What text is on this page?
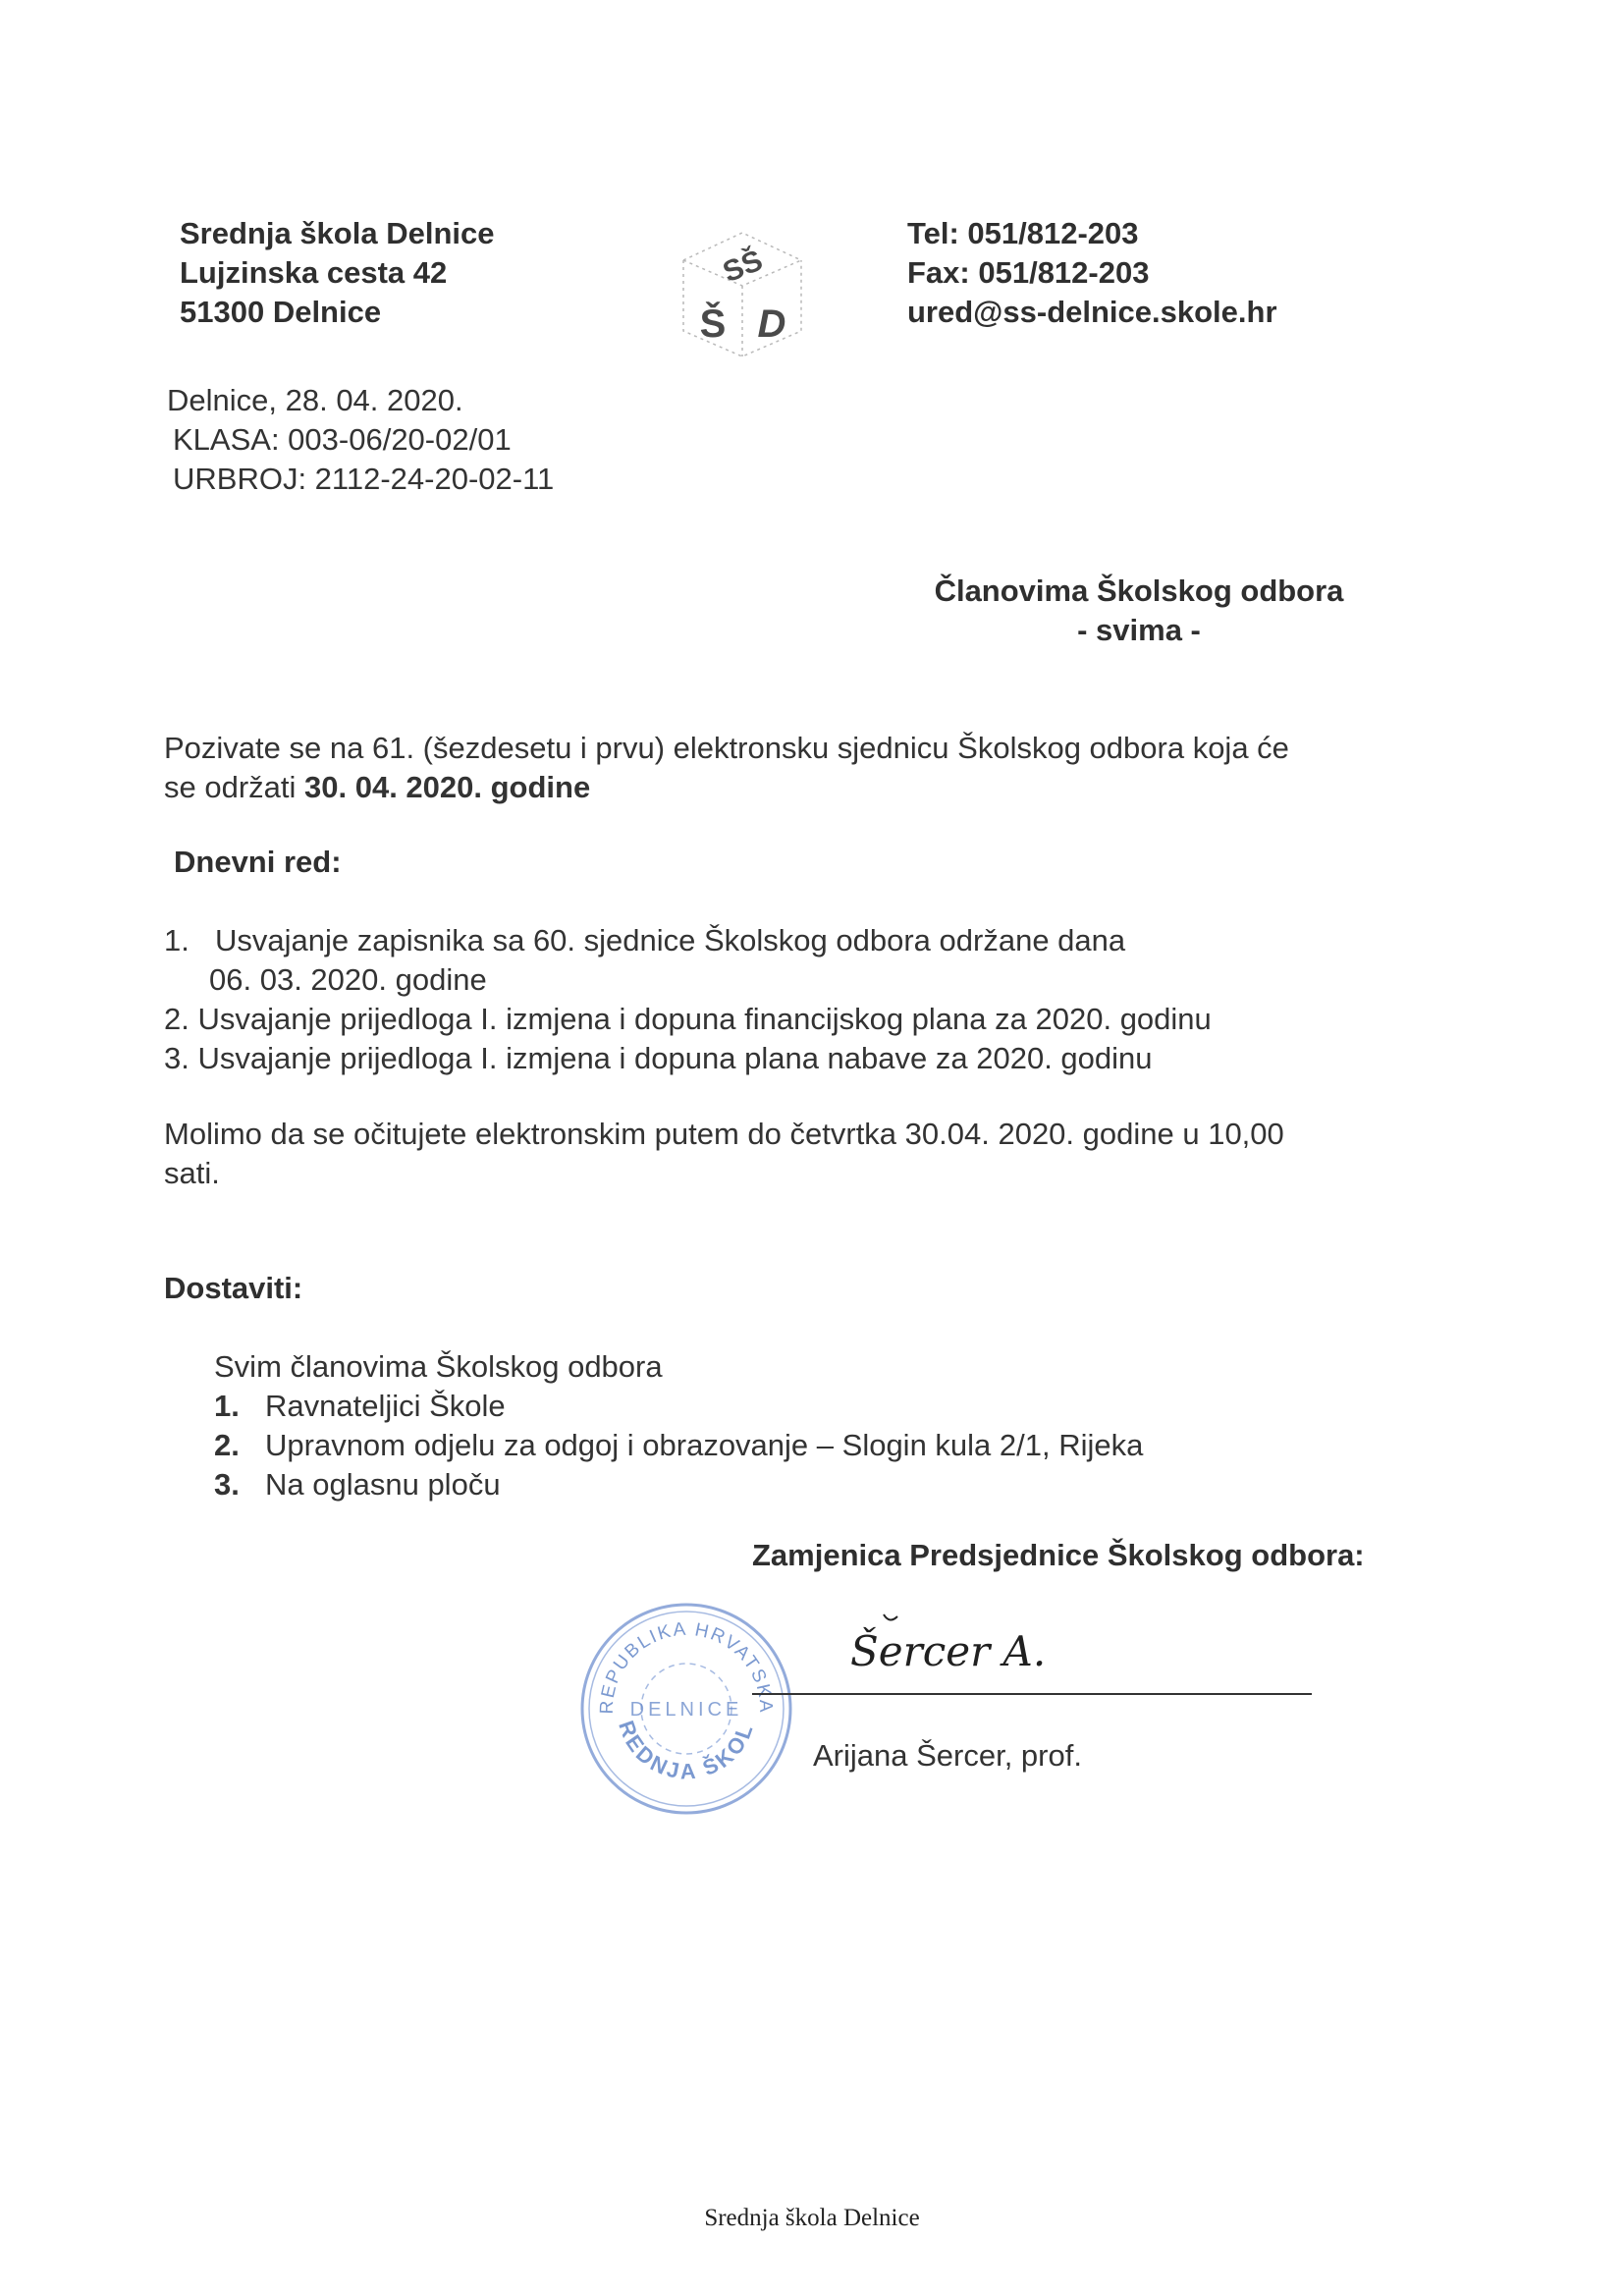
Srednja škola Delnice
Lujzinska cesta 42
51300 Delnice
SŠ
Š D
Tel: 051/812-203
Fax: 051/812-203
ured@ss-delnice.skole.hr
Delnice, 28. 04. 2020.
KLASA: 003-06/20-02/01
URBROJ: 2112-24-20-02-11
Članovima Školskog odbora
- svima -
Pozivate se na 61. (šezdesetu i prvu) elektronsku sjednicu Školskog odbora koja će
se održati 30. 04. 2020. godine
Dnevni red:
1. Usvajanje zapisnika sa 60. sjednice Školskog odbora održane dana
06. 03. 2020. godine
2. Usvajanje prijedloga I. izmjena i dopuna financijskog plana za 2020. godinu
3. Usvajanje prijedloga I. izmjena i dopuna plana nabave za 2020. godinu
Molimo da se očitujete elektronskim putem do četvrtka 30.04. 2020. godine u 10,00
sati.
Dostaviti:
Svim članovima Školskog odbora
1. Ravnateljici Škole
2. Upravnom odjelu za odgoj i obrazovanje – Slogin kula 2/1, Rijeka
3. Na oglasnu ploču
Zamjenica Predsjednice Školskog odbora:
REPUBLIKA HRVATSKA
DELNICE
SREDNJA ŠKOLA
Šercer A.
Arijana Šercer, prof.
Srednja škola Delnice
